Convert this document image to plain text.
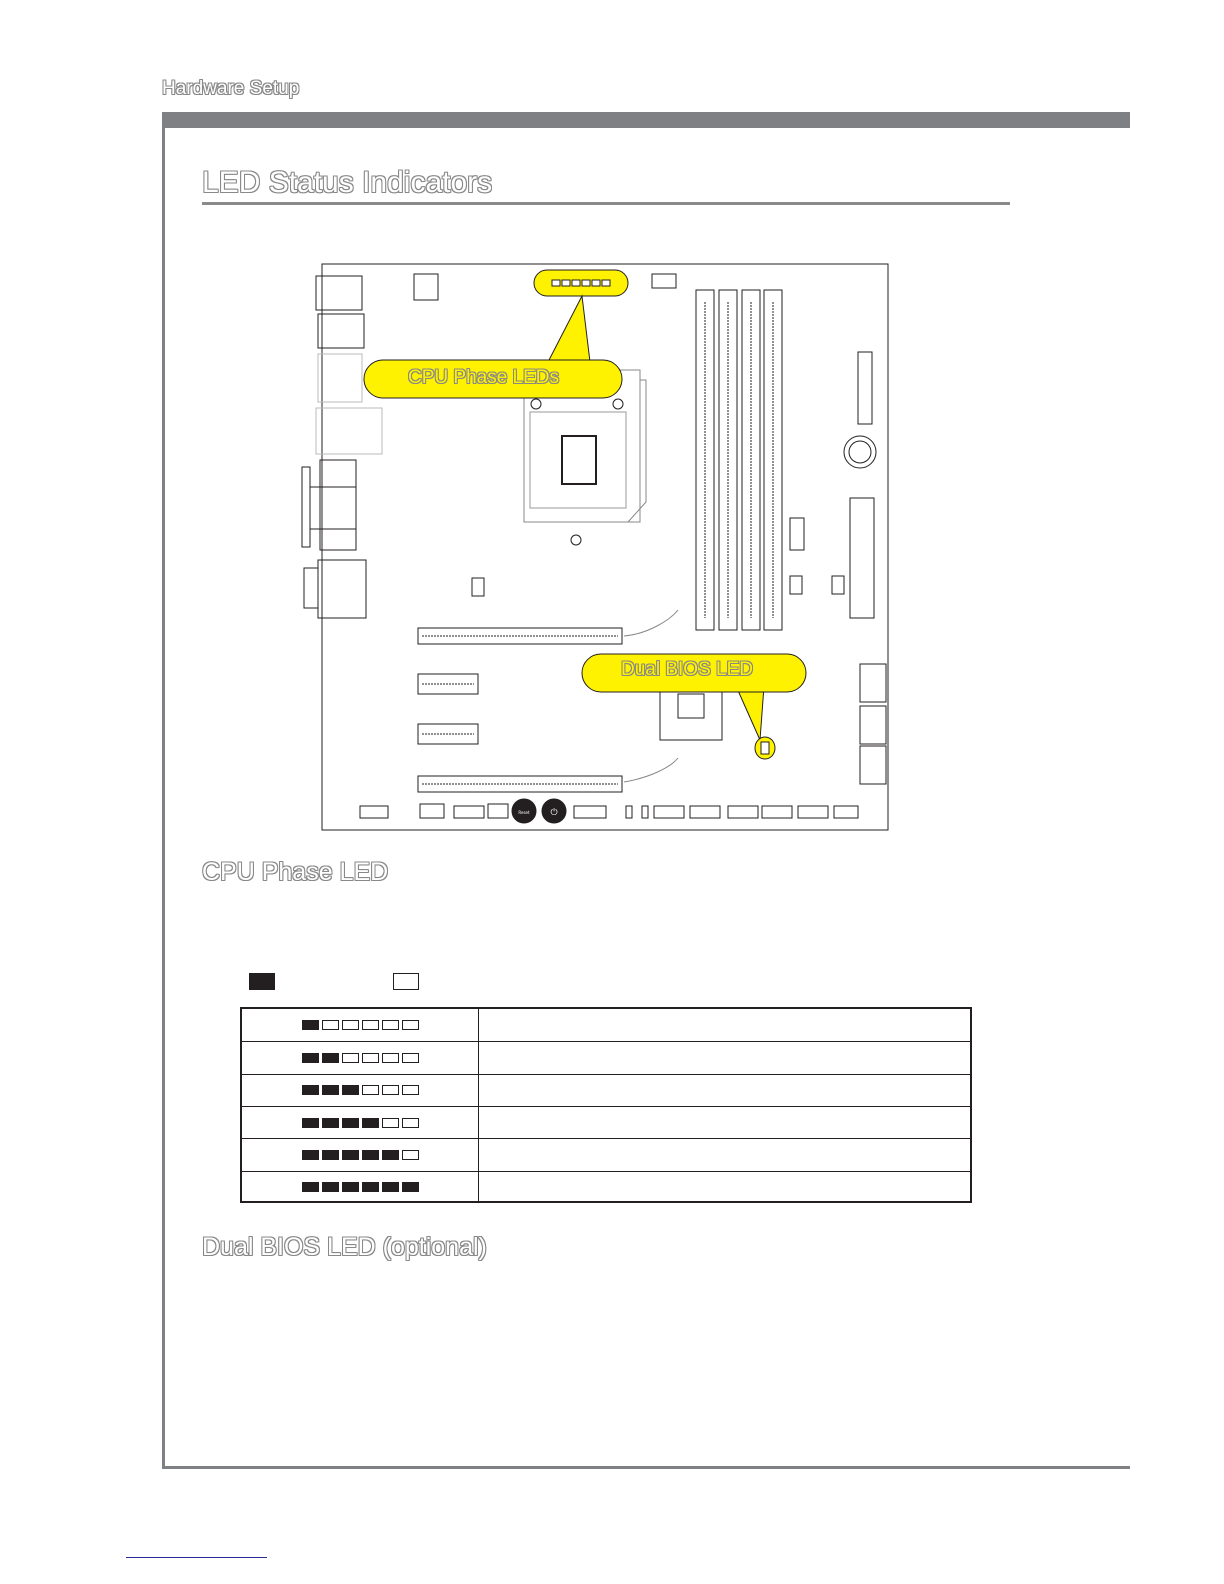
Hardware Setup
LED Status Indicators
Reset ⏻
CPU Phase LEDs
Dual BIOS LED
CPU Phase LED
Dual BIOS LED (optional)
